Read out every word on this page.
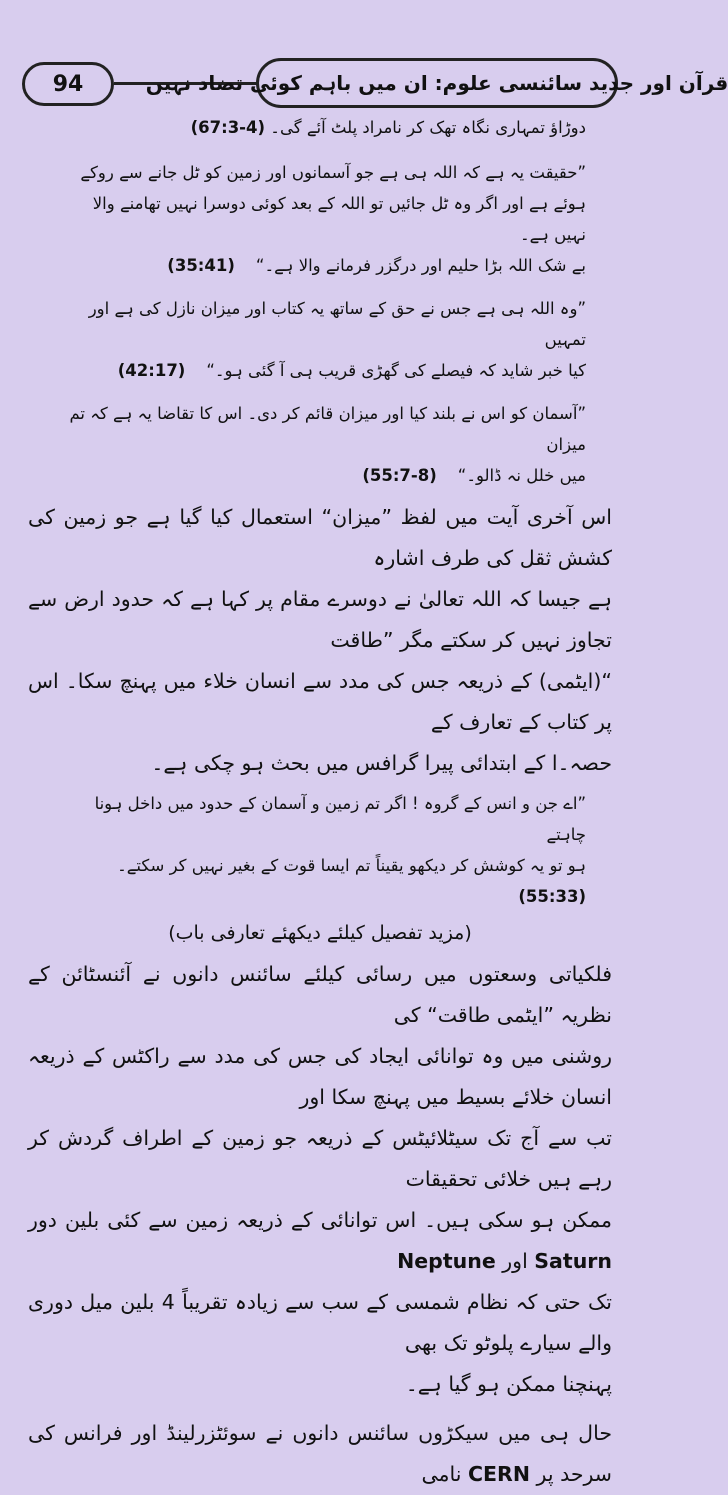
94	قرآن اور جدید سائنسی علوم: ان میں باہم کوئی تضاد نہیں

دوڑاؤ تمہاری نگاہ تھک کر نامراد پلٹ آئے گی۔ (67:3-4)

”حقیقت یہ ہے کہ اللہ ہی ہے جو آسمانوں اور زمین کو ٹل جانے سے روکے

ہوئے ہے اور اگر وہ ٹل جائیں تو اللہ کے بعد کوئی دوسرا نہیں تھامنے والا نہیں ہے۔

بے شک اللہ بڑا حلیم اور درگزر فرمانے والا ہے۔“    (35:41)

”وہ اللہ ہی ہے جس نے حق کے ساتھ یہ کتاب اور میزان نازل کی ہے اور تمہیں

کیا خبر شاید کہ فیصلے کی گھڑی قریب ہی آ گئی ہو۔“    (42:17)

”آسمان کو اس نے بلند کیا اور میزان قائم کر دی۔ اس کا تقاضا یہ ہے کہ تم میزان

میں خلل نہ ڈالو۔“    (55:7-8)

اس آخری آیت میں لفظ ”میزان“ استعمال کیا گیا ہے جو زمین کی کشش ثقل کی طرف اشارہ

ہے جیسا کہ اللہ تعالیٰ نے دوسرے مقام پر کہا ہے کہ حدود ارض سے تجاوز نہیں کر سکتے مگر ”طاقت

“(ایٹمی) کے ذریعہ جس کی مدد سے انسان خلاء میں پہنچ سکا۔ اس پر کتاب کے تعارف کے

حصہ۔ا کے ابتدائی پیرا گرافس میں بحث ہو چکی ہے۔

”اے جن و انس کے گروہ ! اگر تم زمین و آسمان کے حدود میں داخل ہونا چاہتے

ہو تو یہ کوشش کر دیکھو یقیناً تم ایسا قوت کے بغیر نہیں کر سکتے۔   (55:33)

(مزید تفصیل کیلئے دیکھئے تعارفی باب)

فلکیاتی وسعتوں میں رسائی کیلئے سائنس دانوں نے آئنسٹائن کے نظریہ ”ایٹمی طاقت“ کی

روشنی میں وہ توانائی ایجاد کی جس کی مدد سے راکٹس کے ذریعہ انسان خلائے بسیط میں پہنچ سکا اور

تب سے آج تک سیٹلائیٹس کے ذریعہ جو زمین کے اطراف گردش کر رہے ہیں خلائی تحقیقات

ممکن ہو سکی ہیں۔ اس توانائی کے ذریعہ زمین سے کئی بلین دور Saturn اور Neptune

تک حتی کہ نظام شمسی کے سب سے زیادہ تقریباً 4 بلین میل دوری والے سیارے پلوٹو تک بھی

پہنچنا ممکن ہو گیا ہے۔

حال ہی میں سیکڑوں سائنس دانوں نے سوئٹزرلینڈ اور فرانس کی سرحد پر CERN نامی
